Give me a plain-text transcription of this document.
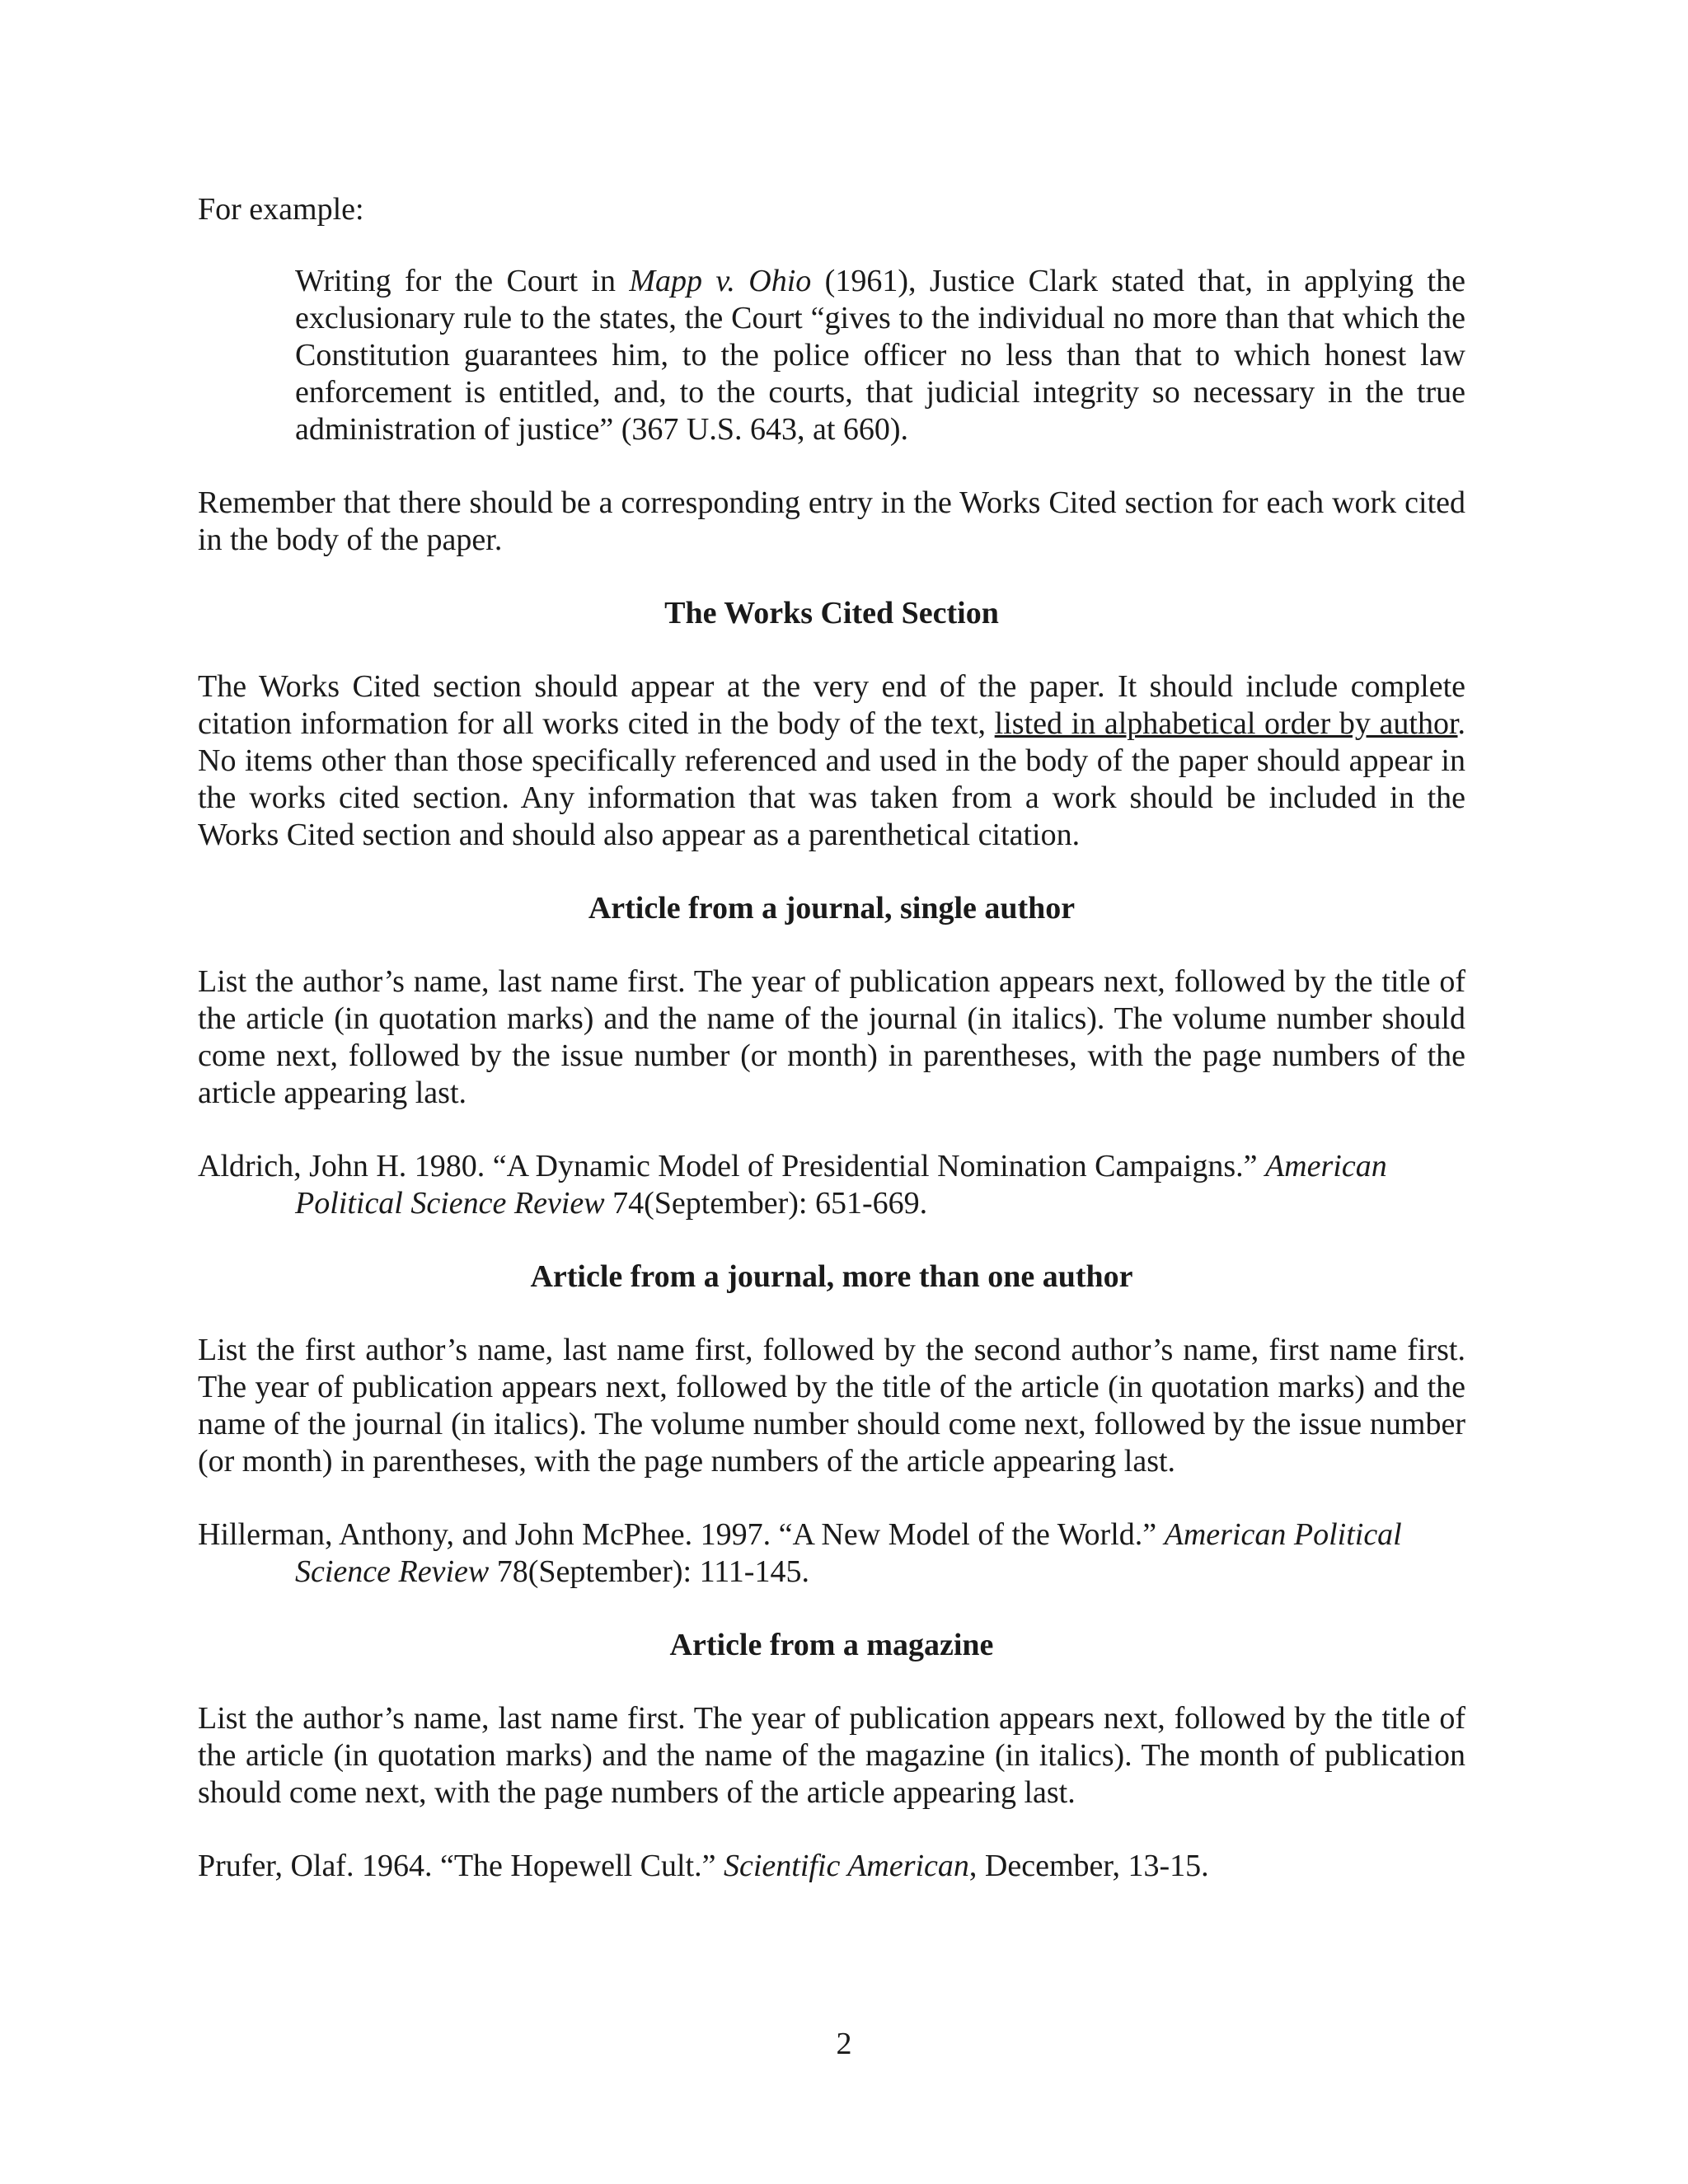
For example:

Writing for the Court in Mapp v. Ohio (1961), Justice Clark stated that, in applying the exclusionary rule to the states, the Court “gives to the individual no more than that which the Constitution guarantees him, to the police officer no less than that to which honest law enforcement is entitled, and, to the courts, that judicial integrity so necessary in the true administration of justice” (367 U.S. 643, at 660).

Remember that there should be a corresponding entry in the Works Cited section for each work cited in the body of the paper.

The Works Cited Section

The Works Cited section should appear at the very end of the paper. It should include complete citation information for all works cited in the body of the text, listed in alphabetical order by author. No items other than those specifically referenced and used in the body of the paper should appear in the works cited section. Any information that was taken from a work should be included in the Works Cited section and should also appear as a parenthetical citation.

Article from a journal, single author

List the author’s name, last name first. The year of publication appears next, followed by the title of the article (in quotation marks) and the name of the journal (in italics). The volume number should come next, followed by the issue number (or month) in parentheses, with the page numbers of the article appearing last.

Aldrich, John H. 1980. “A Dynamic Model of Presidential Nomination Campaigns.” American Political Science Review 74(September): 651-669.

Article from a journal, more than one author

List the first author’s name, last name first, followed by the second author’s name, first name first. The year of publication appears next, followed by the title of the article (in quotation marks) and the name of the journal (in italics). The volume number should come next, followed by the issue number (or month) in parentheses, with the page numbers of the article appearing last.

Hillerman, Anthony, and John McPhee. 1997. “A New Model of the World.” American Political Science Review 78(September): 111-145.

Article from a magazine

List the author’s name, last name first. The year of publication appears next, followed by the title of the article (in quotation marks) and the name of the magazine (in italics). The month of publication should come next, with the page numbers of the article appearing last.

Prufer, Olaf. 1964. “The Hopewell Cult.” Scientific American, December, 13-15.

2
